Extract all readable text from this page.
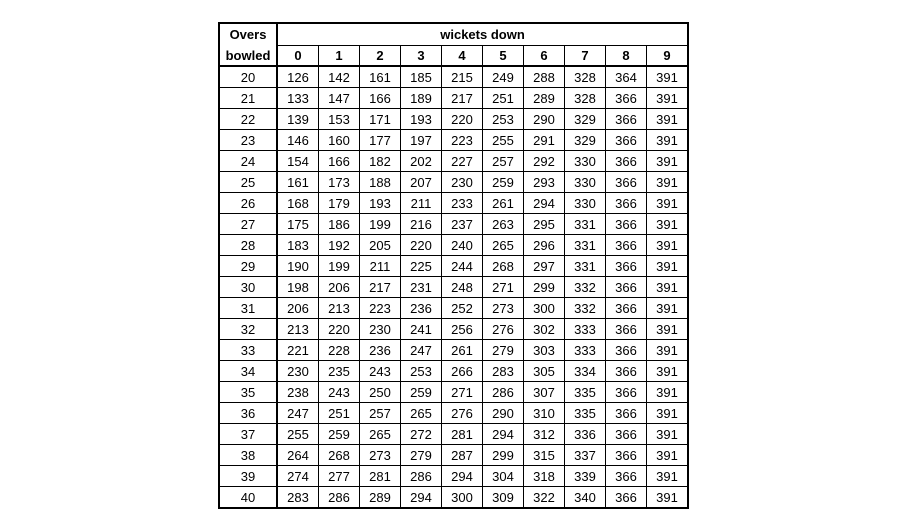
Overs	wickets down									
bowled	0	1	2	3	4	5	6	7	8	9
20	126	142	161	185	215	249	288	328	364	391
21	133	147	166	189	217	251	289	328	366	391
22	139	153	171	193	220	253	290	329	366	391
23	146	160	177	197	223	255	291	329	366	391
24	154	166	182	202	227	257	292	330	366	391
25	161	173	188	207	230	259	293	330	366	391
26	168	179	193	211	233	261	294	330	366	391
27	175	186	199	216	237	263	295	331	366	391
28	183	192	205	220	240	265	296	331	366	391
29	190	199	211	225	244	268	297	331	366	391
30	198	206	217	231	248	271	299	332	366	391
31	206	213	223	236	252	273	300	332	366	391
32	213	220	230	241	256	276	302	333	366	391
33	221	228	236	247	261	279	303	333	366	391
34	230	235	243	253	266	283	305	334	366	391
35	238	243	250	259	271	286	307	335	366	391
36	247	251	257	265	276	290	310	335	366	391
37	255	259	265	272	281	294	312	336	366	391
38	264	268	273	279	287	299	315	337	366	391
39	274	277	281	286	294	304	318	339	366	391
40	283	286	289	294	300	309	322	340	366	391
